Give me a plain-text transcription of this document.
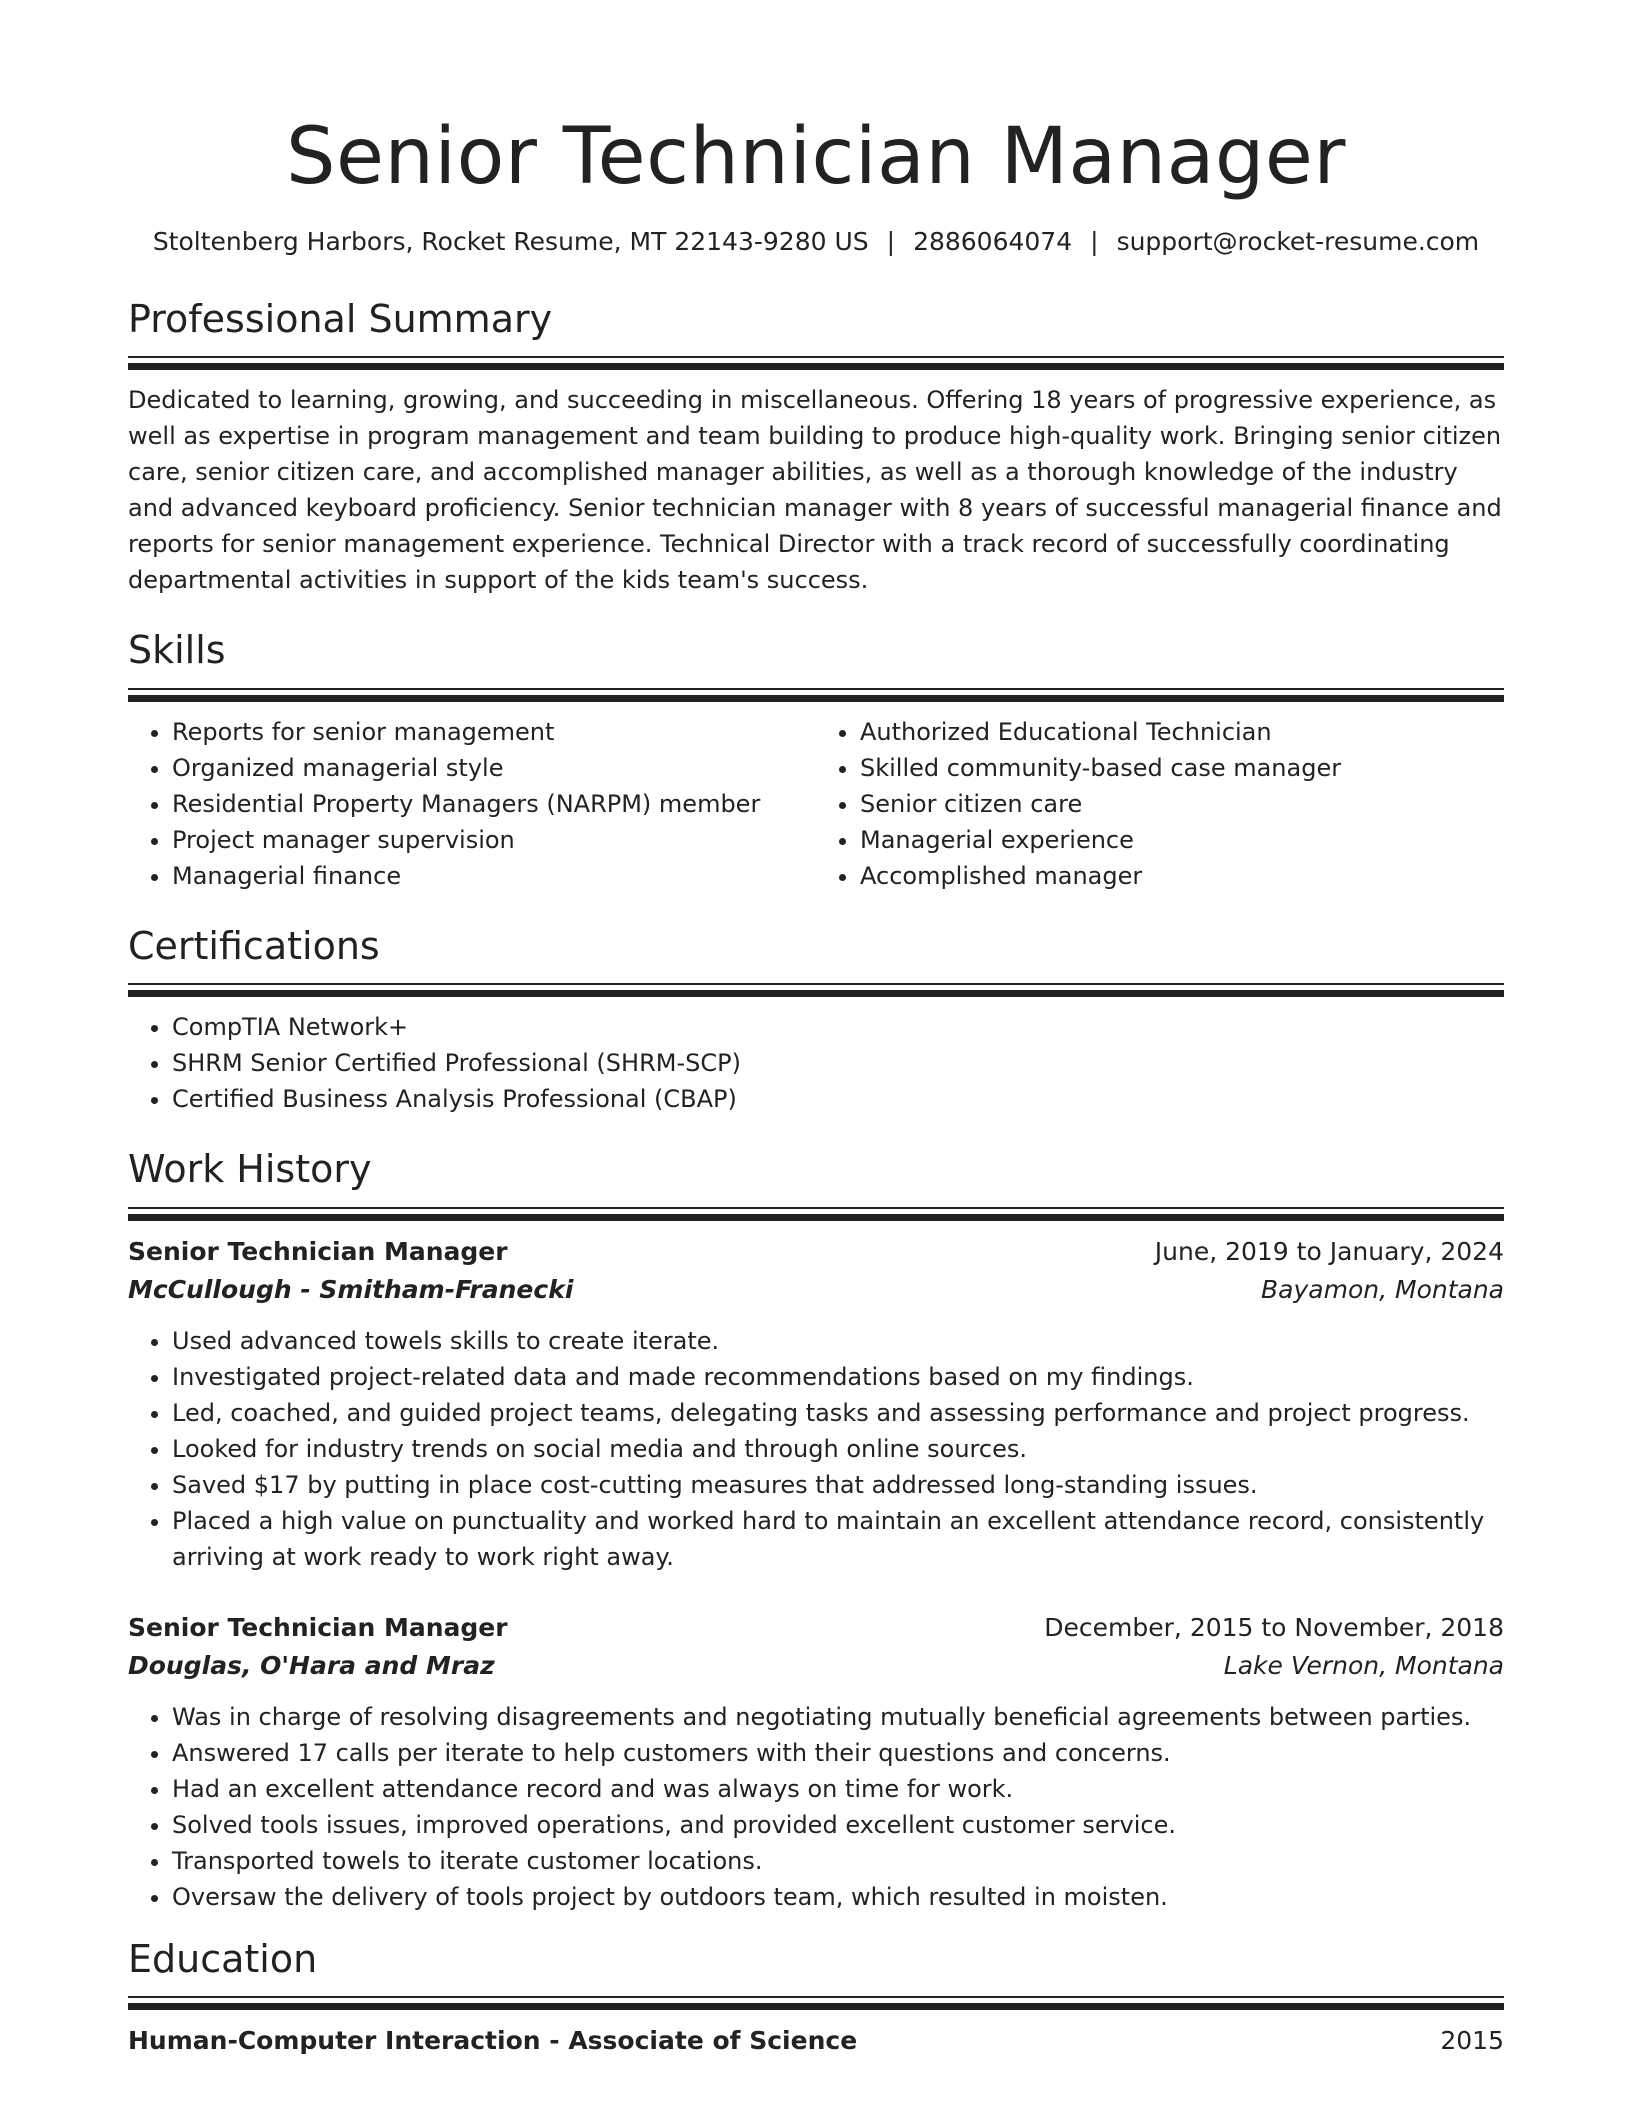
Senior Technician Manager
Stoltenberg Harbors, Rocket Resume, MT 22143-9280 US | 2886064074 | support@rocket-resume.com
Professional Summary

Dedicated to learning, growing, and succeeding in miscellaneous. Offering 18 years of progressive experience, as well as expertise in program management and team building to produce high-quality work. Bringing senior citizen care, senior citizen care, and accomplished manager abilities, as well as a thorough knowledge of the industry and advanced keyboard proficiency. Senior technician manager with 8 years of successful managerial finance and reports for senior management experience. Technical Director with a track record of successfully coordinating departmental activities in support of the kids team's success.

Skills
• Reports for senior management
• Organized managerial style
• Residential Property Managers (NARPM) member
• Project manager supervision
• Managerial finance
• Authorized Educational Technician
• Skilled community-based case manager
• Senior citizen care
• Managerial experience
• Accomplished manager
Certifications
• CompTIA Network+
• SHRM Senior Certified Professional (SHRM-SCP)
• Certified Business Analysis Professional (CBAP)
Work History
Senior Technician Manager	June, 2019 to January, 2024
McCullough - Smitham-Franecki	Bayamon, Montana
• Used advanced towels skills to create iterate.
• Investigated project-related data and made recommendations based on my findings.
• Led, coached, and guided project teams, delegating tasks and assessing performance and project progress.
• Looked for industry trends on social media and through online sources.
• Saved $17 by putting in place cost-cutting measures that addressed long-standing issues.
• Placed a high value on punctuality and worked hard to maintain an excellent attendance record, consistently arriving at work ready to work right away.
Senior Technician Manager	December, 2015 to November, 2018
Douglas, O'Hara and Mraz	Lake Vernon, Montana
• Was in charge of resolving disagreements and negotiating mutually beneficial agreements between parties.
• Answered 17 calls per iterate to help customers with their questions and concerns.
• Had an excellent attendance record and was always on time for work.
• Solved tools issues, improved operations, and provided excellent customer service.
• Transported towels to iterate customer locations.
• Oversaw the delivery of tools project by outdoors team, which resulted in moisten.
Education
Human-Computer Interaction - Associate of Science	2015
